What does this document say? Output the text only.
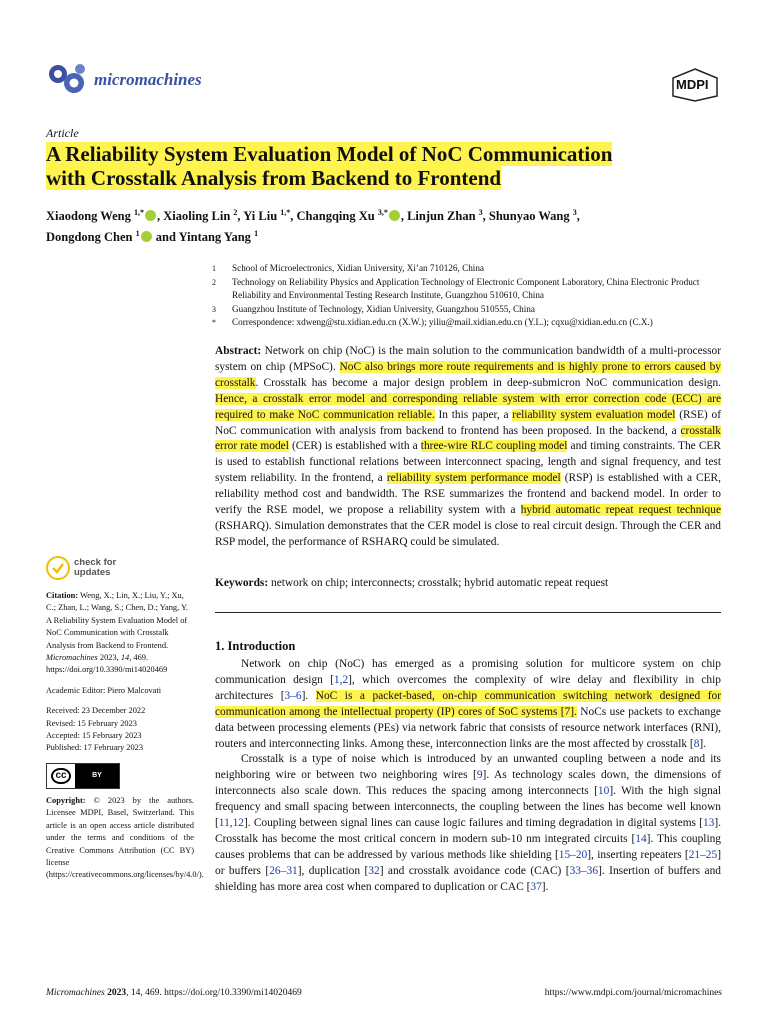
micromachines	MDPI
Article
A Reliability System Evaluation Model of NoC Communication
with Crosstalk Analysis from Backend to Frontend
Xiaodong Weng $^{1,*}$ , Xiaoling Lin $^2$, Yi Liu $^{1,*}$, Changqing Xu $^{3,*}$ , Linjun Zhan $^3$, Shunyao Wang $^3$,
Dongdong Chen $^1$ and Yintang Yang $^1$
1	School of Microelectronics, Xidian University, Xi’an 710126, China
2	Technology on Reliability Physics and Application Technology of Electronic Component Laboratory, China Electronic Product Reliability and Environmental Testing Research Institute, Guangzhou 510610, China
3	Guangzhou Institute of Technology, Xidian University, Guangzhou 510555, China
*	Correspondence: xdweng@stu.xidian.edu.cn (X.W.); yiliu@mail.xidian.edu.cn (Y.L.); cqxu@xidian.edu.cn (C.X.)
Abstract: Network on chip (NoC) is the main solution to the communication bandwidth of a multi-processor system on chip (MPSoC). NoC also brings more route requirements and is highly prone to errors caused by crosstalk. Crosstalk has become a major design problem in deep-submicron NoC communication design. Hence, a crosstalk error model and corresponding reliable system with error correction code (ECC) are required to make NoC communication reliable. In this paper, a reliability system evaluation model (RSE) of NoC communication with analysis from backend to frontend has been proposed. In the backend, a crosstalk error rate model (CER) is established with a three-wire RLC coupling model and timing constraints. The CER is used to establish functional relations between interconnect spacing, length and signal frequency, and test system reliability. In the frontend, a reliability system performance model (RSP) is established with a CER, reliability method cost and bandwidth. The RSE summarizes the frontend and backend model. In order to verify the RSE model, we propose a reliability system with a hybrid automatic repeat request technique (RSHARQ). Simulation demonstrates that the CER model is close to real circuit design. Through the CER and RSP model, the performance of RSHARQ could be simulated.
Keywords: network on chip; interconnects; crosstalk; hybrid automatic repeat request
check for
updates

Citation: Weng, X.; Lin, X.; Liu, Y.; Xu, C.; Zhan, L.; Wang, S.; Chen, D.; Yang, Y. A Reliability System Evaluation Model of NoC Communication with Crosstalk Analysis from Backend to Frontend. Micromachines 2023, 14, 469. https://doi.org/10.3390/mi14020469

Academic Editor: Piero Malcovati

Received: 23 December 2022
Revised: 15 February 2023
Accepted: 15 February 2023

Published: 17 February 2023

cc	BY

Copyright: © 2023 by the authors. Licensee MDPI, Basel, Switzerland. This article is an open access article distributed under the terms and conditions of the Creative Commons Attribution (CC BY) license (https://creativecommons.org/licenses/by/4.0/).

1. Introduction

Network on chip (NoC) has emerged as a promising solution for multicore system on chip communication design [1,2], which overcomes the complexity of wire delay and flexibility in chip architectures [3–6]. NoC is a packet-based, on-chip communication switching network designed for communication among the intellectual property (IP) cores of SoC systems [7]. NoCs use packets to exchange data between processing elements (PEs) via network fabric that consists of resource network interfaces (RNI), routers and interconnecting links. Among these, interconnection links are the most affected by crosstalk [8].

Crosstalk is a type of noise which is introduced by an unwanted coupling between a node and its neighboring wire or between two neighboring wires [9]. As technology scales down, the dimensions of interconnects also scale down. This reduces the spacing among interconnects [10]. With the high signal frequency and small spacing between interconnects, the coupling between the lines has become well known [11,12]. Coupling between signal lines can cause logic failures and timing degradation in digital systems [13]. Crosstalk has become the most critical concern in modern sub-10 nm integrated circuits [14]. This coupling causes problems that can be addressed by various methods like shielding [15–20], inserting repeaters [21–25] or buffers [26–31], duplication [32] and crosstalk avoidance code (CAC) [33–36]. Insertion of buffers and shielding has more area cost when compared to duplication or CAC [37].

Micromachines 2023, 14, 469. https://doi.org/10.3390/mi14020469	https://www.mdpi.com/journal/micromachines
